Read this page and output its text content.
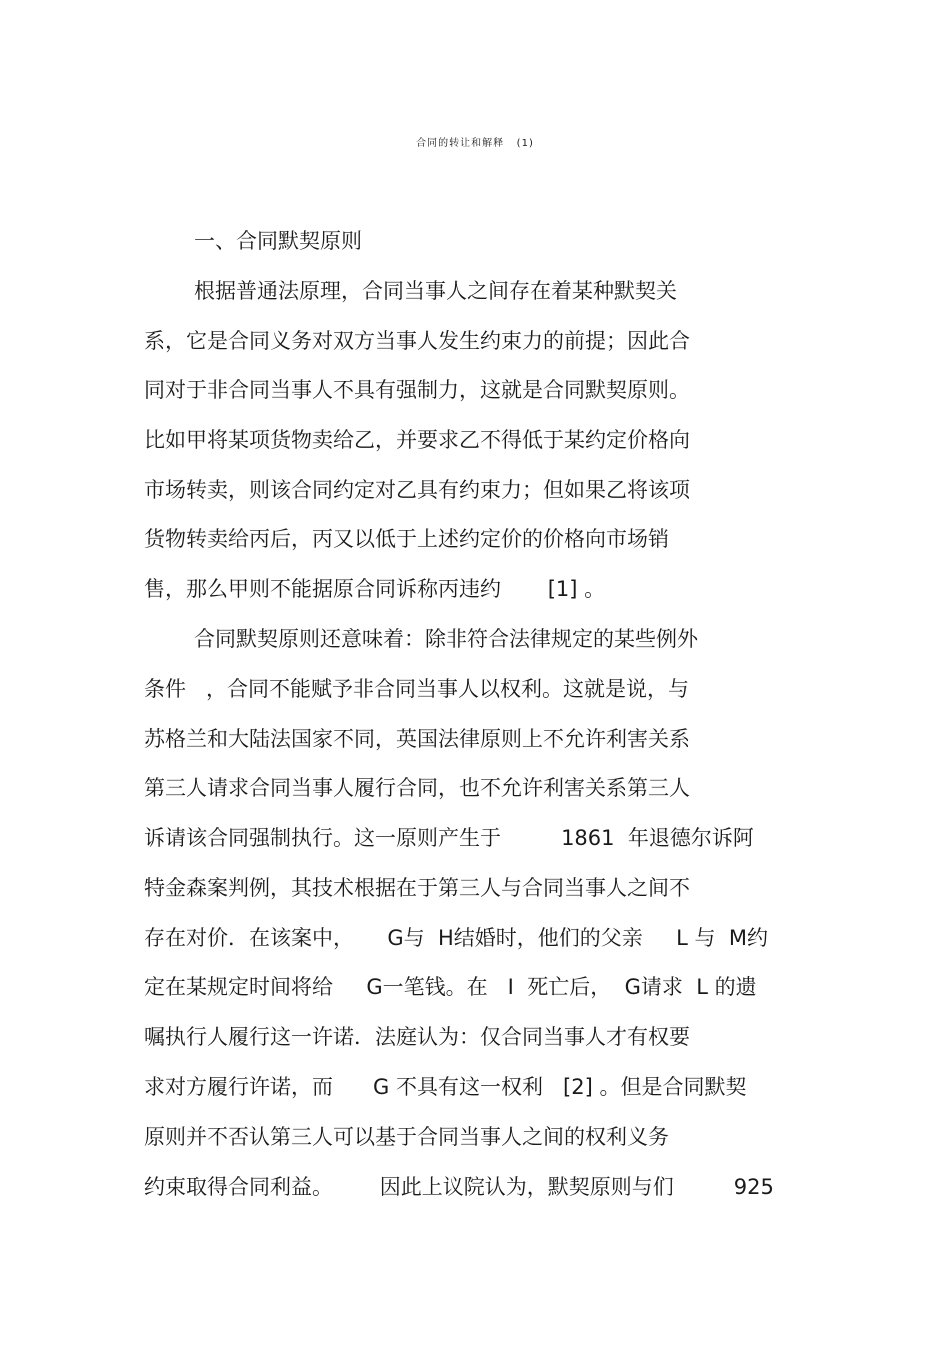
合同的转让和解释   (1)
一、合同默契原则
根据普通法原理，合同当事人之间存在着某种默契关
系，它是合同义务对双方当事人发生约束力的前提；因此合
同对于非合同当事人不具有强制力，这就是合同默契原则。
比如甲将某项货物卖给乙，并要求乙不得低于某约定价格向
市场转卖，则该合同约定对乙具有约束力；但如果乙将该项
货物转卖给丙后，丙又以低于上述约定价的价格向市场销
售，那么甲则不能据原合同诉称丙违约       [1] 。
合同默契原则还意味着：除非符合法律规定的某些例外
条件   ，合同不能赋予非合同当事人以权利。这就是说，与
苏格兰和大陆法国家不同，英国法律原则上不允许利害关系
第三人请求合同当事人履行合同，也不允许利害关系第三人
诉请该合同强制执行。这一原则产生于         1861  年退德尔诉阿
特金森案判例，其技术根据在于第三人与合同当事人之间不
存在对价．在该案中，     G与  H结婚时，他们的父亲     L 与  M约
定在某规定时间将给     G一笔钱。在   I  死亡后，  G请求  L 的遗
嘱执行人履行这一许诺．法庭认为：仅合同当事人才有权要
求对方履行许诺，而      G 不具有这一权利   [2] 。但是合同默契
原则并不否认第三人可以基于合同当事人之间的权利义务
约束取得合同利益。       因此上议院认为，默契原则与们         925
